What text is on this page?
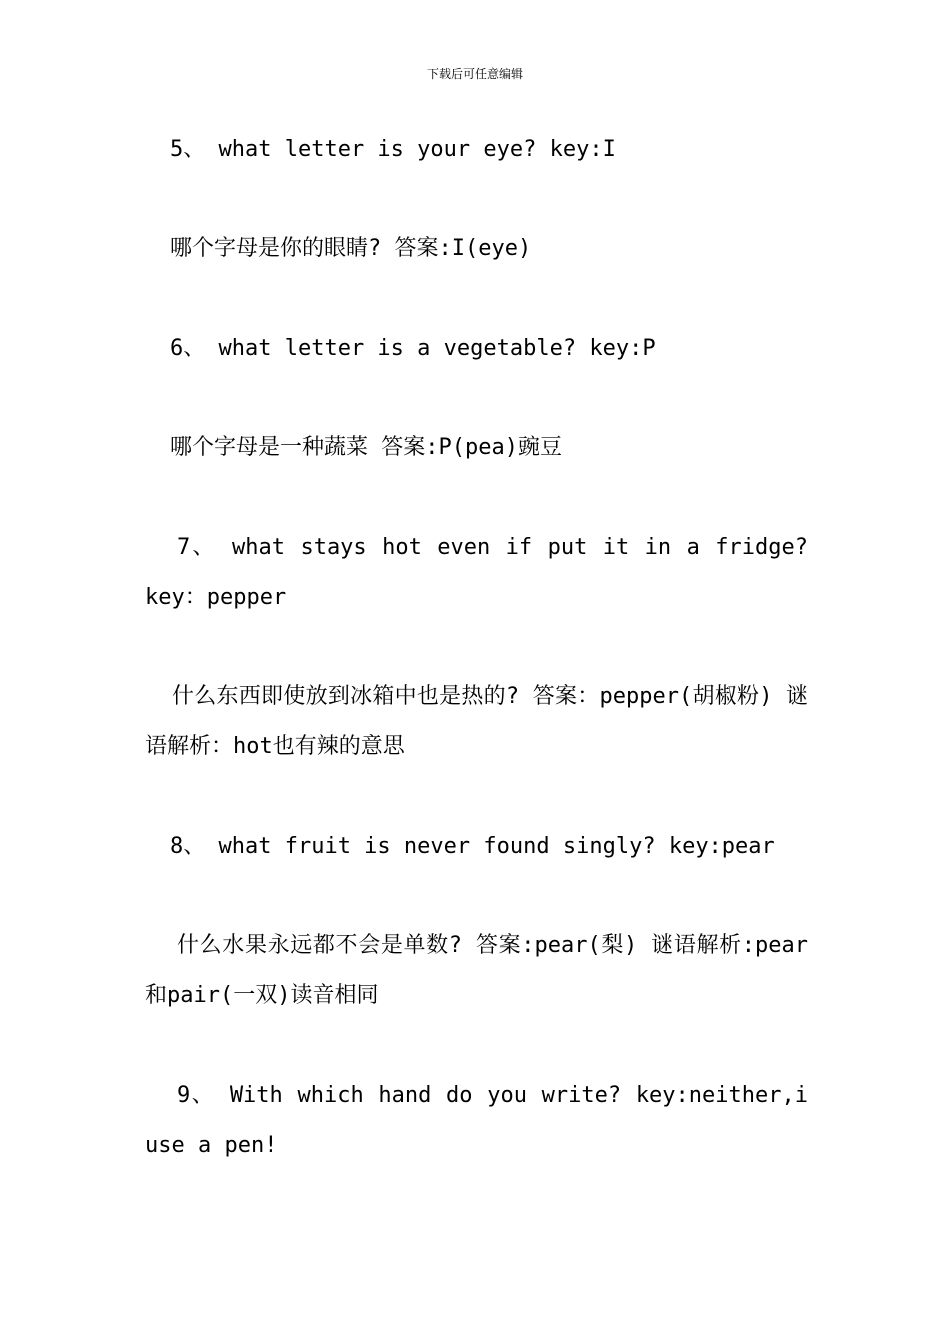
下载后可任意编辑

5、 what letter is your eye? key:I

哪个字母是你的眼睛? 答案:I(eye)

6、 what letter is a vegetable? key:P

哪个字母是一种蔬菜 答案:P(pea)豌豆

7、 what stays hot even if put it in a fridge? key：pepper

什么东西即使放到冰箱中也是热的? 答案：pepper(胡椒粉) 谜语解析：hot也有辣的意思

8、 what fruit is never found singly? key:pear

什么水果永远都不会是单数? 答案:pear(梨) 谜语解析:pear和pair(一双)读音相同

9、 With which hand do you write? key:neither,i use a pen!
